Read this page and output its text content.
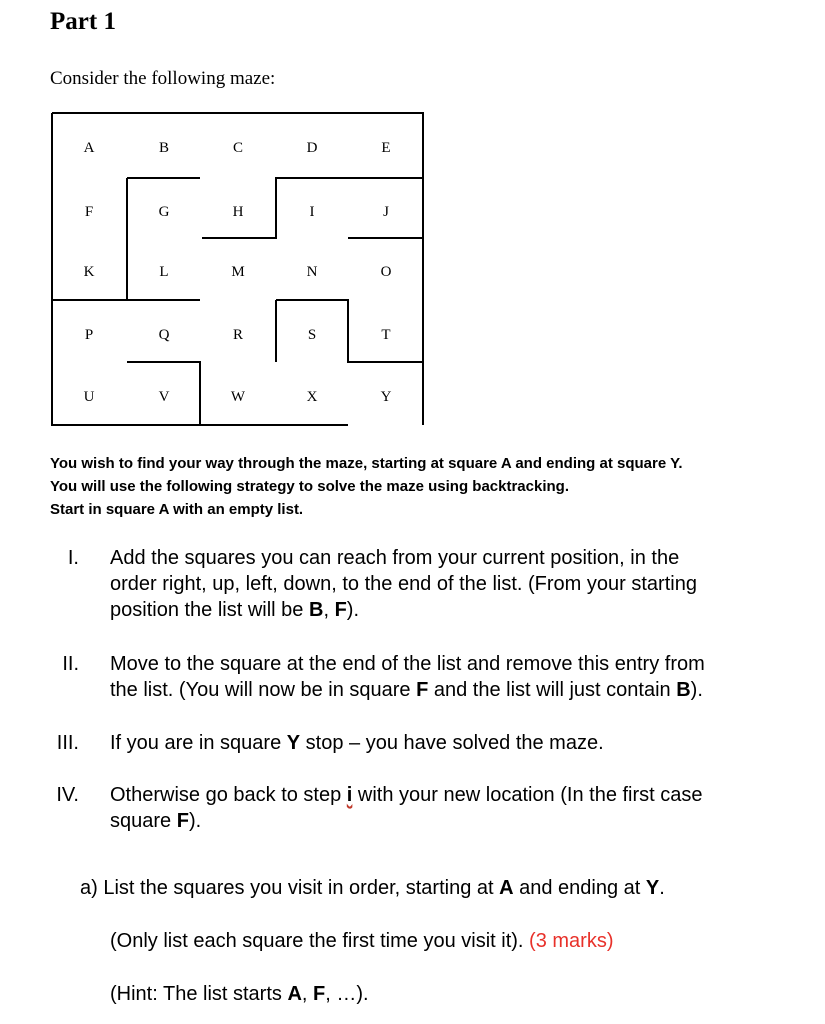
Part 1
Consider the following maze:
A	B	C	D	E
F	G	H	I	J
K	L	M	N	O
P	Q	R	S	T
U	V	W	X	Y
You wish to find your way through the maze, starting at square A and ending at square Y.
You will use the following strategy to solve the maze using backtracking.
Start in square A with an empty list.
I. Add the squares you can reach from your current position, in the
order right, up, left, down, to the end of the list. (From your starting
position the list will be B, F).
II. Move to the square at the end of the list and remove this entry from
the list. (You will now be in square F and the list will just contain B).
III. If you are in square Y stop – you have solved the maze.
IV. Otherwise go back to step i with your new location (In the first case
square F).
a) List the squares you visit in order, starting at A and ending at Y.
(Only list each square the first time you visit it). (3 marks)
(Hint: The list starts A, F, …).
